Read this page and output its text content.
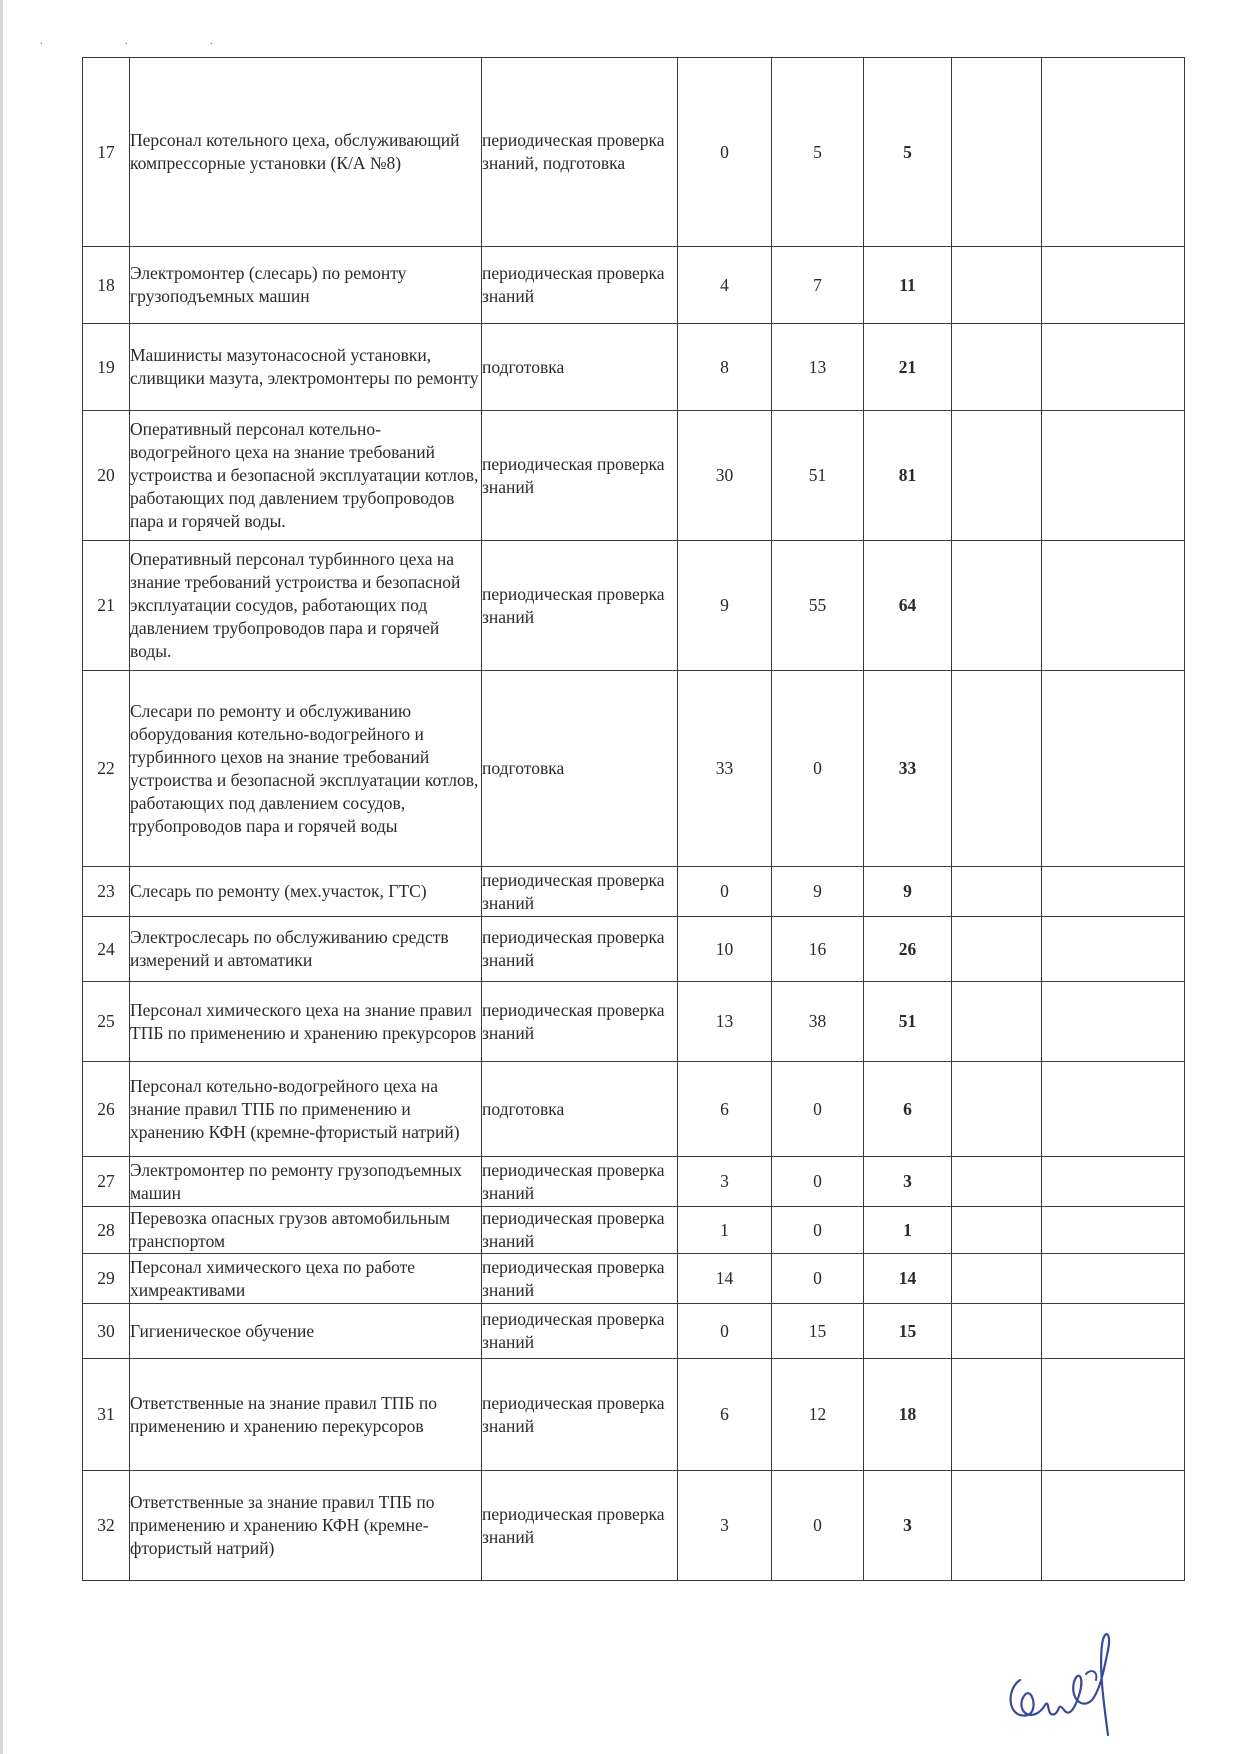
. . .
17	Персонал котельного цеха, обслуживающий компрессорные установки (К/А №8)	периодическая проверка знаний, подготовка	0	5	5		
18	Электромонтер (слесарь) по ремонту грузоподъемных машин	периодическая проверка знаний	4	7	11		
19	Машинисты мазутонасосной установки, сливщики мазута, электромонтеры по ремонту	подготовка	8	13	21		
20	Оперативный персонал котельно-водогрейного цеха на знание требований устроиства и безопасной эксплуатации котлов, работающих под давлением трубопроводов пара и горячей воды.	периодическая проверка знаний	30	51	81		
21	Оперативный персонал турбинного цеха на знание требований устроиства и безопасной эксплуатации сосудов, работающих под давлением трубопроводов пара и горячей воды.	периодическая проверка знаний	9	55	64		
22	Слесари по ремонту и обслуживанию оборудования котельно-водогрейного и турбинного цехов на знание требований устроиства и безопасной эксплуатации котлов, работающих под давлением сосудов, трубопроводов пара и горячей воды	подготовка	33	0	33		
23	Слесарь по ремонту (мех.участок, ГТС)	периодическая проверка знаний	0	9	9		
24	Электрослесарь по обслуживанию средств измерений и автоматики	периодическая проверка знаний	10	16	26		
25	Персонал химического цеха на знание правил ТПБ по применению и хранению прекурсоров	периодическая проверка знаний	13	38	51		
26	Персонал котельно-водогрейного цеха на знание правил ТПБ по применению и хранению КФН (кремне-фтористый натрий)	подготовка	6	0	6		
27	Электромонтер по ремонту грузоподъемных машин	периодическая проверка знаний	3	0	3		
28	Перевозка опасных грузов автомобильным транспортом	периодическая проверка знаний	1	0	1		
29	Персонал химического цеха по работе химреактивами	периодическая проверка знаний	14	0	14		
30	Гигиеническое обучение	периодическая проверка знаний	0	15	15		
31	Ответственные на знание правил ТПБ по применению и хранению перекурсоров	периодическая проверка знаний	6	12	18		
32	Ответственные за знание правил ТПБ по применению и хранению КФН (кремне-фтористый натрий)	периодическая проверка знаний	3	0	3		
